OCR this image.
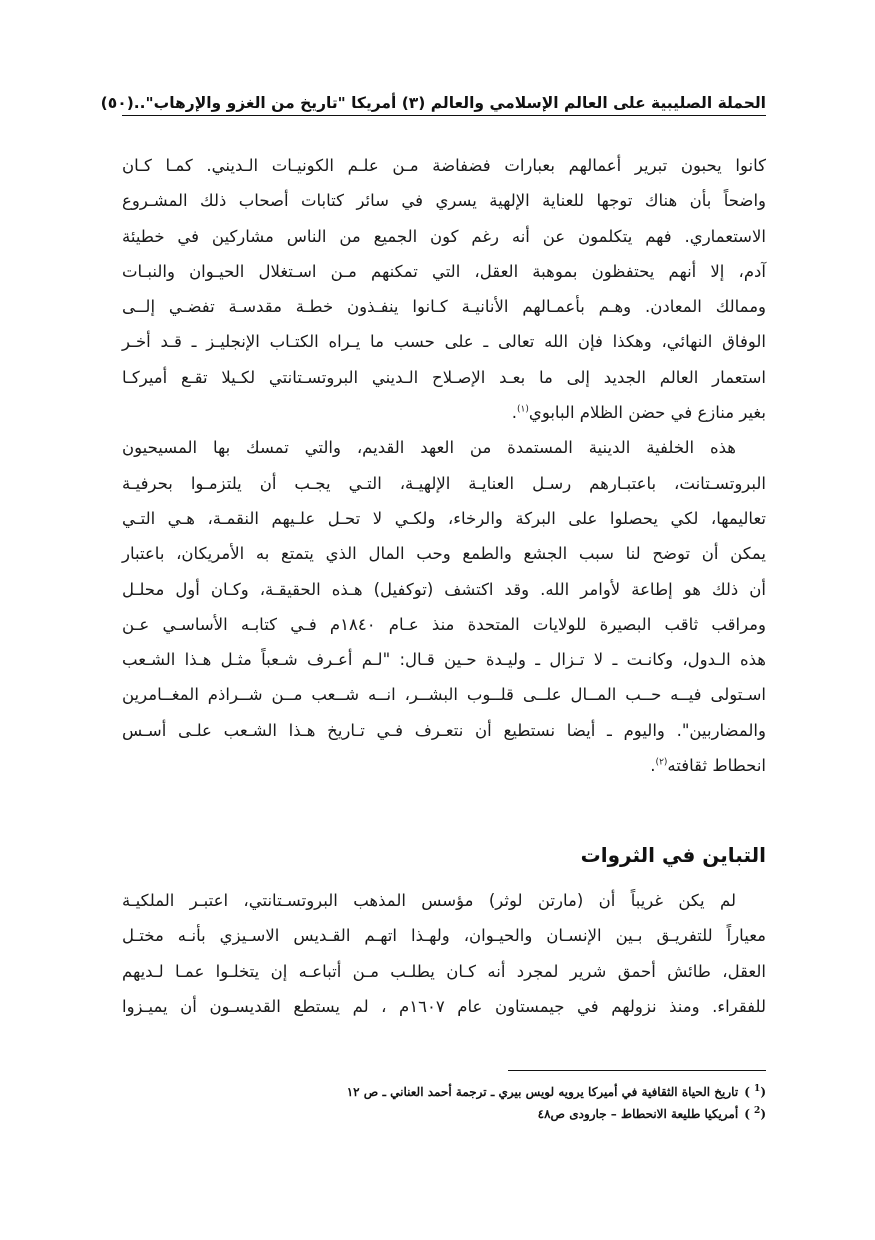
الحملة الصليبية على العالم الإسلامي والعالم (٣) أمريكا "تاريخ من الغزو والإرهاب"..
(٥٠)
كانوا يحبون تبرير أعمالهم بعبارات فضفاضة مـن علـم الكونيـات الـديني. كمـا كـان
واضحاً بأن هناك توجها للعناية الإلهية يسري في سائر كتابات أصحاب ذلك المشـروع
الاستعماري. فهم يتكلمون عن أنه رغم كون الجميع من الناس مشاركين في خطيئة
آدم، إلا أنهم يحتفظون بموهبة العقل، التي تمكنهم مـن اسـتغلال الحيـوان والنبـات
وممالك المعادن. وهـم بأعمـالهم الأنانيـة كـانوا ينفـذون خطـة مقدسـة تفضـي إلــى
الوفاق النهائي، وهكذا فإن الله تعالى ـ على حسب ما يـراه الكتـاب الإنجليـز ـ قـد أخـر
استعمار العالم الجديد إلى ما بعـد الإصـلاح الـديني البروتسـتانتي لكـيلا تقـع أميركـا
بغير منازع في حضن الظلام البابوي$^{(١)}$.
هذه الخلفية الدينية المستمدة من العهد القديم، والتي تمسك بها المسيحيون
البروتسـتانت، باعتبـارهم رسـل العنايـة الإلهيـة، التـي يجـب أن يلتزمـوا بحرفيـة
تعاليمها، لكي يحصلوا على البركة والرخاء، ولكـي لا تحـل علـيهم النقمـة، هـي التـي
يمكن أن توضح لنا سبب الجشع والطمع وحب المال الذي يتمتع به الأمريكان، باعتبار
أن ذلك هو إطاعة لأوامر الله. وقد اكتشف (توكفيل) هـذه الحقيقـة، وكـان أول محلـل
ومراقب ثاقب البصيرة للولايات المتحدة منذ عـام ١٨٤٠م فـي كتابـه الأساسـي عـن
هذه الـدول، وكانـت ـ لا تـزال ـ وليـدة حـين قـال: "لـم أعـرف شـعباً مثـل هـذا الشـعب
اسـتولى فيــه حــب المــال علــى قلــوب البشــر، انــه شــعب مــن شــراذم المغــامرين
والمضاربين". واليوم ـ أيضا نستطيع أن نتعـرف فـي تـاريخ هـذا الشـعب علـى أسـس
انحطاط ثقافته$^{(٢)}$.
التباين في الثروات
لم يكن غريباً أن (مارتن لوثر) مؤسس المذهب البروتسـتانتي، اعتبـر الملكيـة
معياراً للتفريـق بـين الإنسـان والحيـوان، ولهـذا اتهـم القـديس الاسـيزي بأنـه مختـل
العقل، طائش أحمق شرير لمجرد أنه كـان يطلـب مـن أتباعـه إن يتخلـوا عمـا لـديهم
للفقراء. ومنذ نزولهم في جيمستاون عام ١٦٠٧م ، لم يستطع القديسـون أن يميـزوا
( $^1$)تاريخ الحياة الثقافية في أميركا يرويه لويس بيري ـ ترجمة أحمد العناني ـ ص ١٢
( $^2$)أمريكيا طليعة الانحطاط – جارودى ص٤٨
